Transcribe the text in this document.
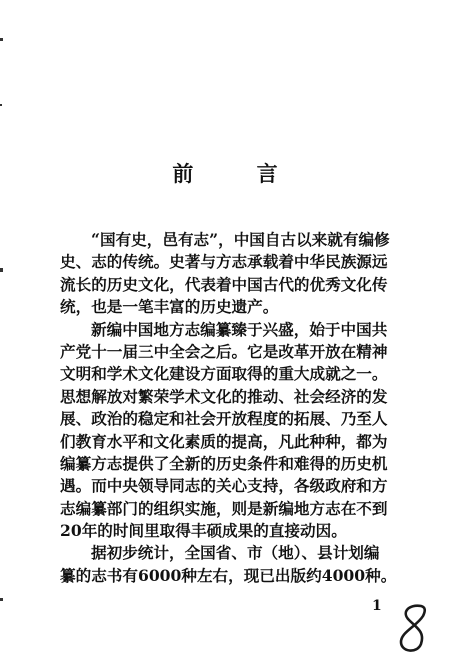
前 言
“国有史，邑有志”，中国自古以来就有编修
史、志的传统。史著与方志承载着中华民族源远
流长的历史文化，代表着中国古代的优秀文化传
统，也是一笔丰富的历史遗产。
新编中国地方志编纂臻于兴盛，始于中国共
产党十一届三中全会之后。它是改革开放在精神
文明和学术文化建设方面取得的重大成就之一。
思想解放对繁荣学术文化的推动、社会经济的发
展、政治的稳定和社会开放程度的拓展、乃至人
们教育水平和文化素质的提高，凡此种种，都为
编纂方志提供了全新的历史条件和难得的历史机
遇。而中央领导同志的关心支持，各级政府和方
志编纂部门的组织实施，则是新编地方志在不到
20年的时间里取得丰硕成果的直接动因。
据初步统计，全国省、市（地）、县计划编
纂的志书有6000种左右，现已出版约4000种。
1
